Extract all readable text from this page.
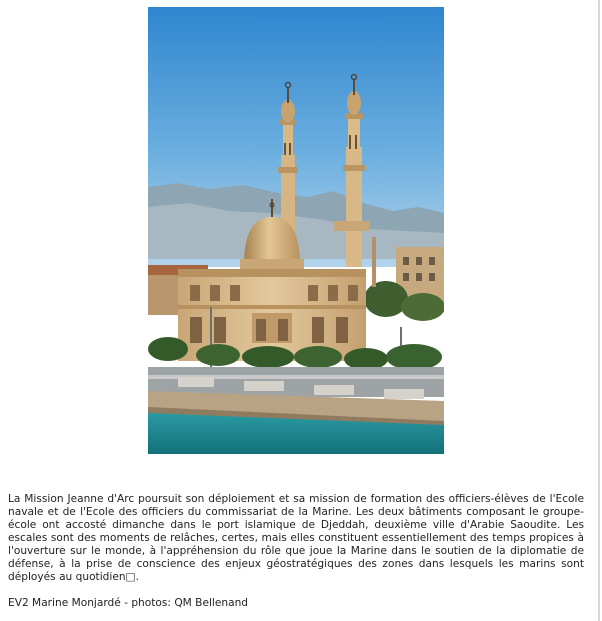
La Mission Jeanne d'Arc poursuit son déploiement et sa mission de formation des officiers-élèves de l'Ecole navale et de l'Ecole des officiers du commissariat de la Marine. Les deux bâtiments composant le groupe-école ont accosté dimanche dans le port islamique de Djeddah, deuxième ville d'Arabie Saoudite. Les escales sont des moments de relâches, certes, mais elles constituent essentiellement des temps propices à l'ouverture sur le monde, à l'appréhension du rôle que joue la Marine dans le soutien de la diplomatie de défense, à la prise de conscience des enjeux géostratégiques des zones dans lesquels les marins sont déployés au quotidien□.

EV2 Marine Monjardé - photos: QM Bellenand
